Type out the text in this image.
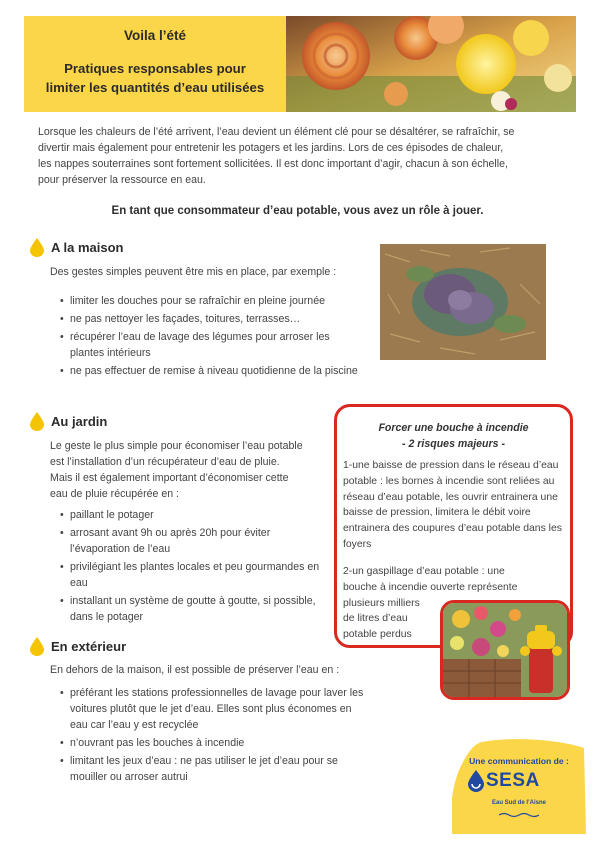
Voila l’été
Pratiques responsables pour
limiter les quantités d’eau utilisées
Lorsque les chaleurs de l’été arrivent, l’eau devient un élément clé pour se désaltérer, se rafraîchir, se
divertir mais également pour entretenir les potagers et les jardins. Lors de ces épisodes de chaleur,
les nappes souterraines sont fortement sollicitées. Il est donc important d’agir, chacun à son échelle,
pour préserver la ressource en eau.
En tant que consommateur d’eau potable, vous avez un rôle à jouer.
A la maison
Des gestes simples peuvent être mis en place, par exemple :
• limiter les douches pour se rafraîchir en pleine journée
• ne pas nettoyer les façades, toitures, terrasses…
• récupérer l’eau de lavage des légumes pour arroser les plantes intérieurs
• ne pas effectuer de remise à niveau quotidienne de la piscine
Au jardin
Le geste le plus simple pour économiser l’eau potable
est l’installation d’un récupérateur d’eau de pluie.
Mais il est également important d’économiser cette
eau de pluie récupérée en :
• paillant le potager
• arrosant avant 9h ou après 20h pour éviter l’évaporation de l’eau
• privilégiant les plantes locales et peu gourmandes en eau
• installant un système de goutte à goutte, si possible, dans le potager
Forcer une bouche à incendie
- 2 risques majeurs -
1-une baisse de pression dans le réseau d’eau potable : les bornes à incendie sont reliées au réseau d’eau potable, les ouvrir entrainera une baisse de pression, limitera le débit voire entrainera des coupures d’eau potable dans les foyers
2-un gaspillage d’eau potable : une
bouche à incendie ouverte représente
plusieurs milliers
de litres d’eau
potable perdus
En extérieur
En dehors de la maison, il est possible de préserver l’eau en :
• préférant les stations professionnelles de lavage pour laver les voitures plutôt que le jet d’eau. Elles sont plus économes en eau car l’eau y est recyclée
• n’ouvrant pas les bouches à incendie
• limitant les jeux d’eau : ne pas utiliser le jet d’eau pour se mouiller ou arroser autrui
Une communication de :
SESA
Eau Sud de l’Aisne
